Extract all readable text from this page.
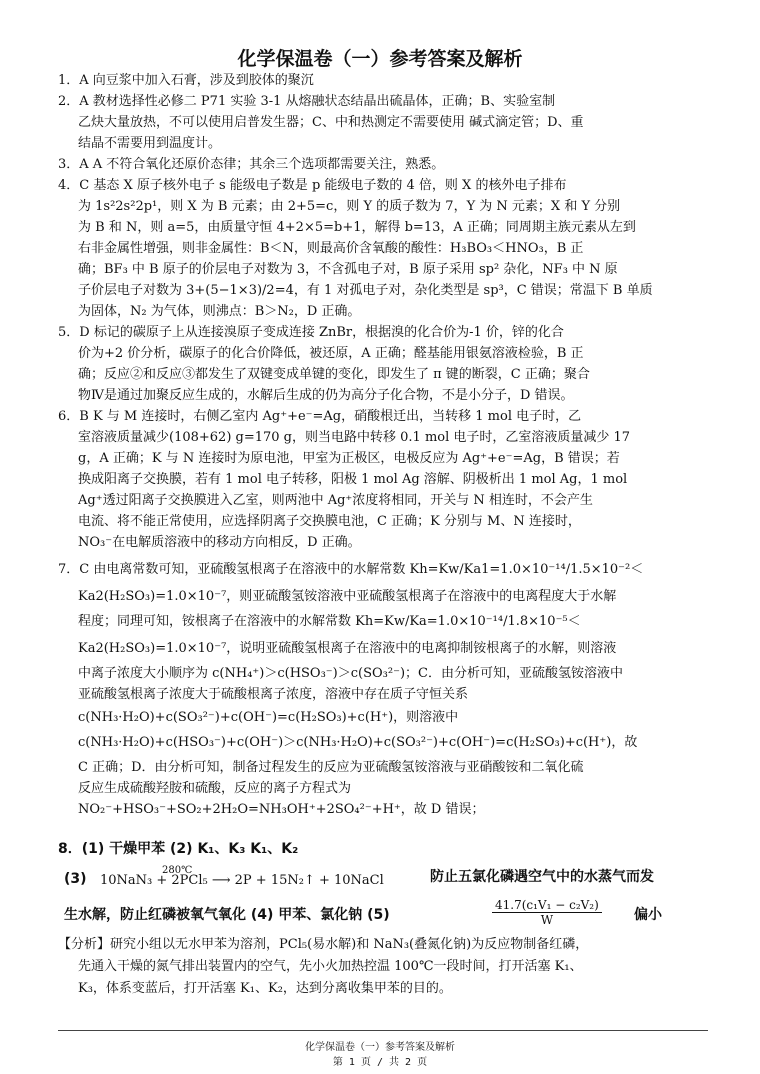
化学保温卷（一）参考答案及解析
1．A 向豆浆中加入石膏，涉及到胶体的聚沉
2．A 教材选择性必修二 P71 实验 3-1 从熔融状态结晶出硫晶体，正确；B、实验室制
乙炔大量放热，不可以使用启普发生器；C、中和热测定不需要使用 碱式滴定管；D、重
结晶不需要用到温度计。
3．A A 不符合氧化还原价态律；其余三个选项都需要关注，熟悉。
4．C 基态 X 原子核外电子 s 能级电子数是 p 能级电子数的 4 倍，则 X 的核外电子排布
为 1s²2s²2p¹，则 X 为 B 元素；由 2+5=c，则 Y 的质子数为 7，Y 为 N 元素；X 和 Y 分别
为 B 和 N，则 a=5，由质量守恒 4+2×5=b+1，解得 b=13，A 正确；同周期主族元素从左到
右非金属性增强，则非金属性：B＜N，则最高价含氧酸的酸性：H₃BO₃＜HNO₃，B 正
确；BF₃ 中 B 原子的价层电子对数为 3，不含孤电子对，B 原子采用 sp² 杂化，NF₃ 中 N 原
子价层电子对数为 3+(5−1×3)/2=4，有 1 对孤电子对，杂化类型是 sp³，C 错误；常温下 B 单质
为固体，N₂ 为气体，则沸点：B＞N₂，D 正确。
5．D 标记的碳原子上从连接溴原子变成连接 ZnBr，根据溴的化合价为-1 价，锌的化合
价为+2 价分析，碳原子的化合价降低，被还原，A 正确；醛基能用银氨溶液检验，B 正
确；反应②和反应③都发生了双键变成单键的变化，即发生了 π 键的断裂，C 正确；聚合
物Ⅳ是通过加聚反应生成的，水解后生成的仍为高分子化合物，不是小分子，D 错误。
6．B K 与 M 连接时，右侧乙室内 Ag⁺+e⁻=Ag，硝酸根迁出，当转移 1 mol 电子时，乙
室溶液质量减少(108+62) g=170 g，则当电路中转移 0.1 mol 电子时，乙室溶液质量减少 17
g，A 正确；K 与 N 连接时为原电池，甲室为正极区，电极反应为 Ag⁺+e⁻=Ag，B 错误；若
换成阳离子交换膜，若有 1 mol 电子转移，阳极 1 mol Ag 溶解、阴极析出 1 mol Ag，1 mol
Ag⁺透过阳离子交换膜进入乙室，则两池中 Ag⁺浓度将相同，开关与 N 相连时，不会产生
电流、将不能正常使用，应选择阴离子交换膜电池，C 正确；K 分别与 M、N 连接时，
NO₃⁻在电解质溶液中的移动方向相反，D 正确。
7．C 由电离常数可知，亚硫酸氢根离子在溶液中的水解常数 Kh=Kw/Ka1=1.0×10⁻¹⁴/1.5×10⁻²＜
Ka2(H₂SO₃)=1.0×10⁻⁷，则亚硫酸氢铵溶液中亚硫酸氢根离子在溶液中的电离程度大于水解
程度；同理可知，铵根离子在溶液中的水解常数 Kh=Kw/Ka=1.0×10⁻¹⁴/1.8×10⁻⁵＜
Ka2(H₂SO₃)=1.0×10⁻⁷，说明亚硫酸氢根离子在溶液中的电离抑制铵根离子的水解，则溶液
中离子浓度大小顺序为 c(NH₄⁺)＞c(HSO₃⁻)＞c(SO₃²⁻)；C．由分析可知，亚硫酸氢铵溶液中
亚硫酸氢根离子浓度大于硫酸根离子浓度，溶液中存在质子守恒关系
c(NH₃·H₂O)+c(SO₃²⁻)+c(OH⁻)=c(H₂SO₃)+c(H⁺)，则溶液中
c(NH₃·H₂O)+c(HSO₃⁻)+c(OH⁻)＞c(NH₃·H₂O)+c(SO₃²⁻)+c(OH⁻)=c(H₂SO₃)+c(H⁺)，故
C 正确；D．由分析可知，制备过程发生的反应为亚硫酸氢铵溶液与亚硝酸铵和二氧化硫
反应生成硫酸羟胺和硫酸，反应的离子方程式为
NO₂⁻+HSO₃⁻+SO₂+2H₂O=NH₃OH⁺+2SO₄²⁻+H⁺，故 D 错误；
8．(1) 干燥甲苯 (2) K₁、K₃ K₁、K₂
(3)
280℃
10NaN₃ + 2PCl₅ ⟶ 2P + 15N₂↑ + 10NaCl	防止五氯化磷遇空气中的水蒸气而发
生水解，防止红磷被氧气氧化 (4) 甲苯、氯化钠 (5)	$\frac{\text{41.7(c₁V₁ − c₂V₂)}}{W}$ 偏小
【分析】研究小组以无水甲苯为溶剂，PCl₅(易水解)和 NaN₃(叠氮化钠)为反应物制备红磷，
先通入干燥的氮气排出装置内的空气，先小火加热控温 100℃一段时间，打开活塞 K₁、
K₃，体系变蓝后，打开活塞 K₁、K₂，达到分离收集甲苯的目的。
化学保温卷（一）参考答案及解析
第 1 页 / 共 2 页
